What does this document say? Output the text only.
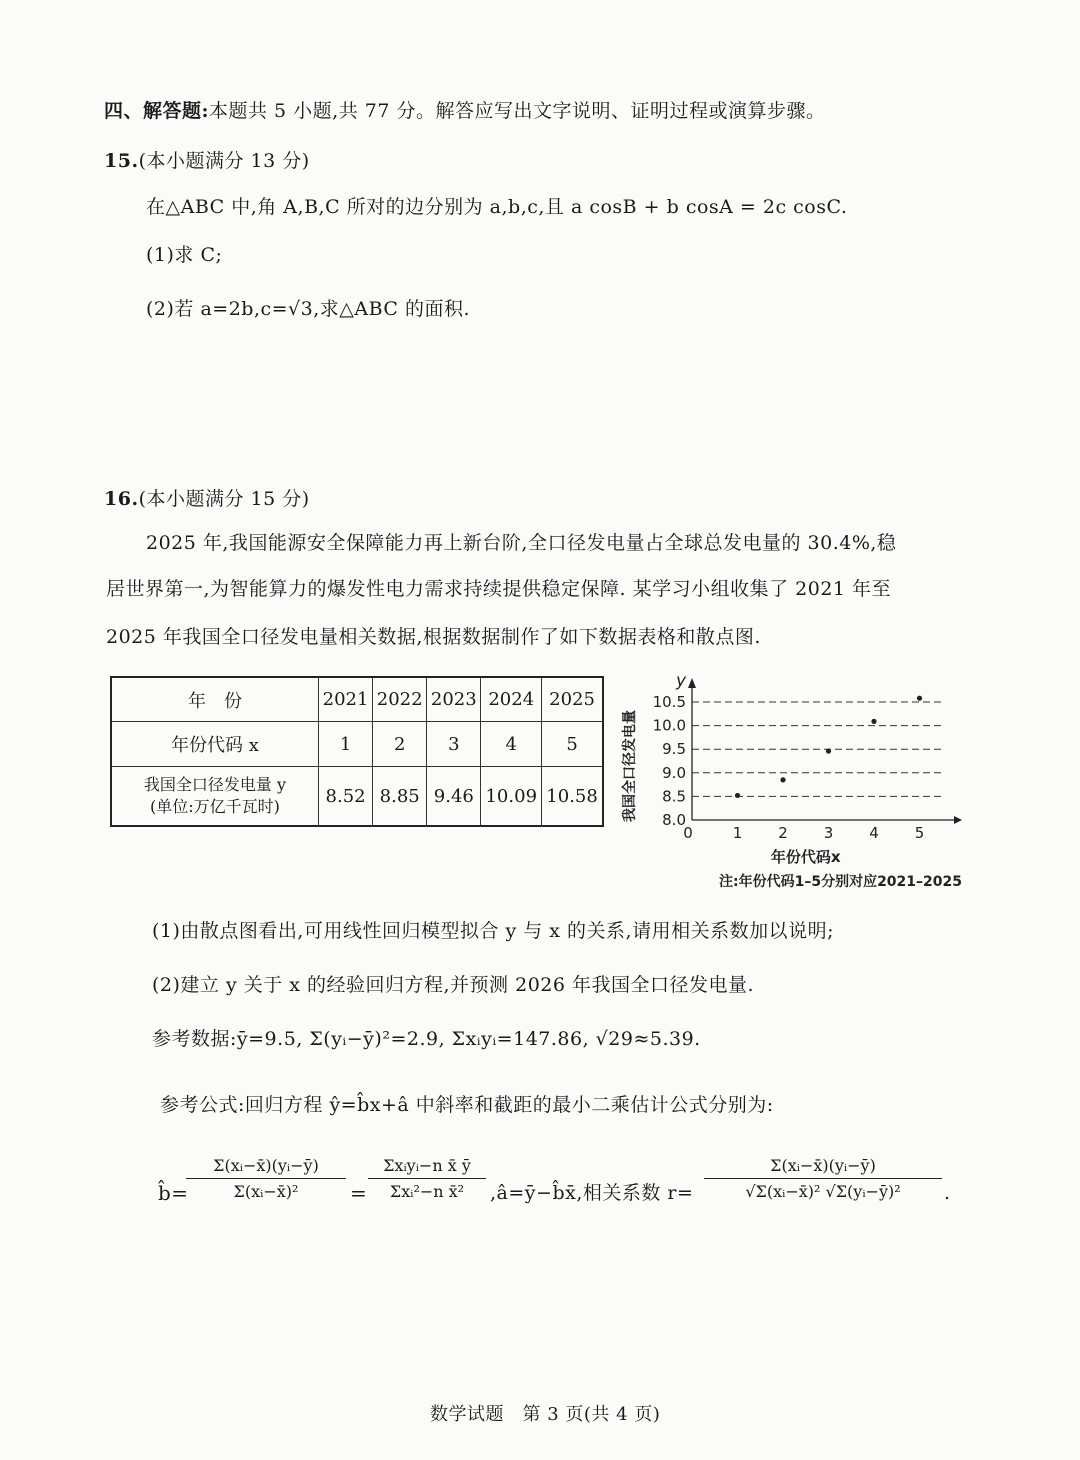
四、解答题:本题共 5 小题,共 77 分。解答应写出文字说明、证明过程或演算步骤。

15.(本小题满分 13 分)

在△ABC 中,角 A,B,C 所对的边分别为 a,b,c,且 a cosB + b cosA = 2c cosC.

(1)求 C;

(2)若 a=2b,c=√3,求△ABC 的面积.

16.(本小题满分 15 分)

2025 年,我国能源安全保障能力再上新台阶,全口径发电量占全球总发电量的 30.4%,稳

居世界第一,为智能算力的爆发性电力需求持续提供稳定保障. 某学习小组收集了 2021 年至

2025 年我国全口径发电量相关数据,根据数据制作了如下数据表格和散点图.

年　份	2021	2022	2023	2024	2025
年份代码 x	1	2	3	4	5

我国全口径发电量 y
(单位:万亿千瓦时)	8.52	8.85	9.46	10.09	10.58
8.0
8.5
9.0
9.5
10.0
10.5
0	1 2 3 4 5
y
年份代码x
我国全口径发电量
注:年份代码1–5分别对应2021–2025

(1)由散点图看出,可用线性回归模型拟合 y 与 x 的关系,请用相关系数加以说明;

(2)建立 y 关于 x 的经验回归方程,并预测 2026 年我国全口径发电量.

参考数据:ȳ=9.5, Σ(yᵢ−ȳ)²=2.9, Σxᵢyᵢ=147.86, √29≈5.39.

参考公式:回归方程 ŷ=b̂x+â 中斜率和截距的最小二乘估计公式分别为:

b̂=
$\frac{\text{Σ(xᵢ−x̄)(yᵢ−ȳ)}}{\text{Σ(xᵢ−x̄)²}}$ =
Σxᵢyᵢ−n x̄ ȳ
Σxᵢ²−n x̄²	,â=ȳ−b̂x̄,相关系数 $r= \frac{\text{Σ(xᵢ−x̄)(yᵢ−ȳ)}}{\text{√Σ(xᵢ−x̄)² √Σ(yᵢ−ȳ)²}}$ .

数学试题　第 3 页(共 4 页)
